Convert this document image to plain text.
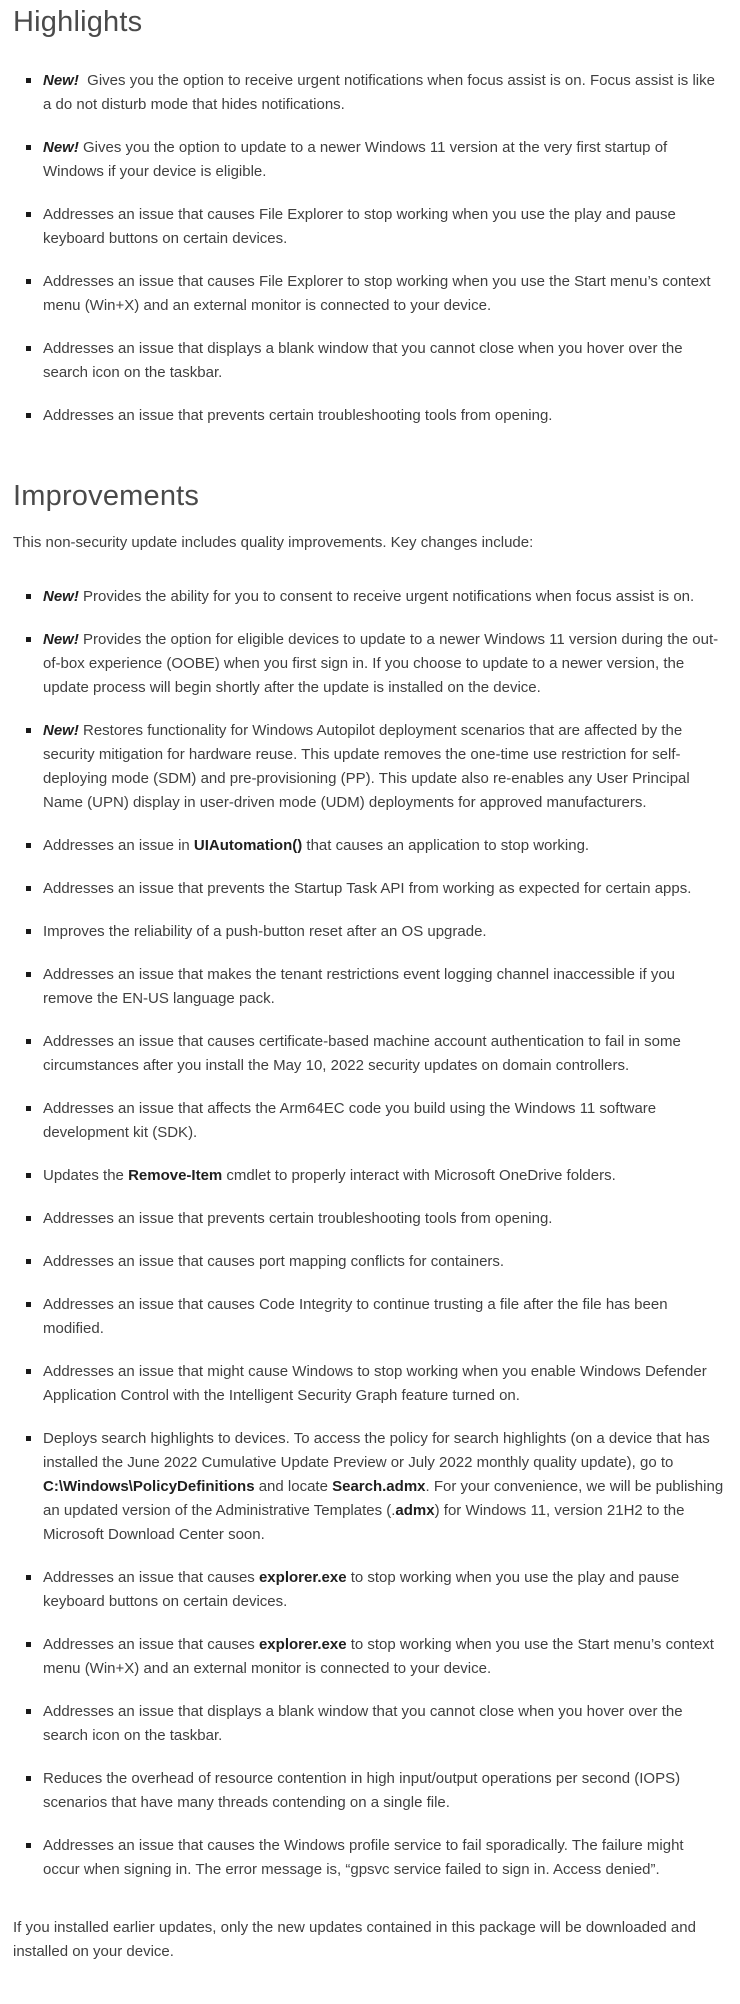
Highlights
New!  Gives you the option to receive urgent notifications when focus assist is on. Focus assist is like a do not disturb mode that hides notifications.
New! Gives you the option to update to a newer Windows 11 version at the very first startup of Windows if your device is eligible.
Addresses an issue that causes File Explorer to stop working when you use the play and pause keyboard buttons on certain devices.
Addresses an issue that causes File Explorer to stop working when you use the Start menu’s context menu (Win+X) and an external monitor is connected to your device.
Addresses an issue that displays a blank window that you cannot close when you hover over the search icon on the taskbar.
Addresses an issue that prevents certain troubleshooting tools from opening.
Improvements

This non-security update includes quality improvements. Key changes include:

New! Provides the ability for you to consent to receive urgent notifications when focus assist is on.
New! Provides the option for eligible devices to update to a newer Windows 11 version during the out-of-box experience (OOBE) when you first sign in. If you choose to update to a newer version, the update process will begin shortly after the update is installed on the device.
New! Restores functionality for Windows Autopilot deployment scenarios that are affected by the security mitigation for hardware reuse. This update removes the one-time use restriction for self-deploying mode (SDM) and pre-provisioning (PP). This update also re-enables any User Principal Name (UPN) display in user-driven mode (UDM) deployments for approved manufacturers.
Addresses an issue in UIAutomation() that causes an application to stop working.
Addresses an issue that prevents the Startup Task API from working as expected for certain apps.
Improves the reliability of a push-button reset after an OS upgrade.
Addresses an issue that makes the tenant restrictions event logging channel inaccessible if you remove the EN-US language pack.
Addresses an issue that causes certificate-based machine account authentication to fail in some circumstances after you install the May 10, 2022 security updates on domain controllers.
Addresses an issue that affects the Arm64EC code you build using the Windows 11 software development kit (SDK).
Updates the Remove-Item cmdlet to properly interact with Microsoft OneDrive folders.
Addresses an issue that prevents certain troubleshooting tools from opening.
Addresses an issue that causes port mapping conflicts for containers.
Addresses an issue that causes Code Integrity to continue trusting a file after the file has been modified.
Addresses an issue that might cause Windows to stop working when you enable Windows Defender Application Control with the Intelligent Security Graph feature turned on.
Deploys search highlights to devices. To access the policy for search highlights (on a device that has installed the June 2022 Cumulative Update Preview or July 2022 monthly quality update), go to C:\Windows\PolicyDefinitions and locate Search.admx. For your convenience, we will be publishing an updated version of the Administrative Templates (.admx) for Windows 11, version 21H2 to the Microsoft Download Center soon.
Addresses an issue that causes explorer.exe to stop working when you use the play and pause keyboard buttons on certain devices.
Addresses an issue that causes explorer.exe to stop working when you use the Start menu’s context menu (Win+X) and an external monitor is connected to your device.
Addresses an issue that displays a blank window that you cannot close when you hover over the search icon on the taskbar.
Reduces the overhead of resource contention in high input/output operations per second (IOPS) scenarios that have many threads contending on a single file.
Addresses an issue that causes the Windows profile service to fail sporadically. The failure might occur when signing in. The error message is, “gpsvc service failed to sign in. Access denied”.

If you installed earlier updates, only the new updates contained in this package will be downloaded and installed on your device.
